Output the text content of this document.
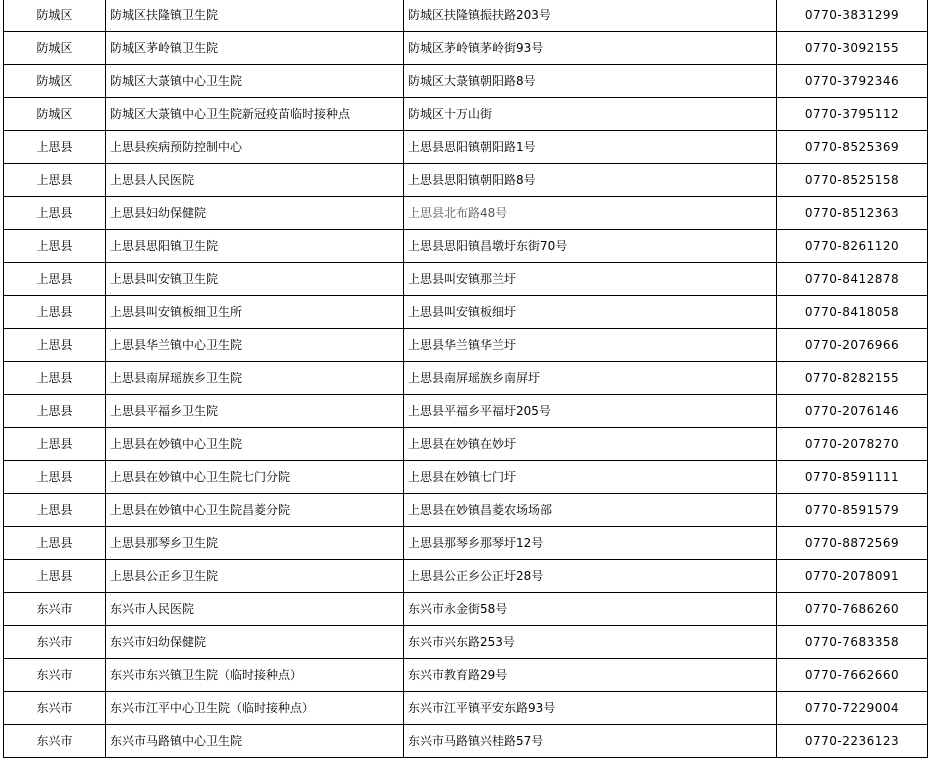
防城区	防城区扶隆镇卫生院	防城区扶隆镇振扶路203号	0770-3831299
防城区	防城区茅岭镇卫生院	防城区茅岭镇茅岭街93号	0770-3092155
防城区	防城区大菉镇中心卫生院	防城区大菉镇朝阳路8号	0770-3792346
防城区	防城区大菉镇中心卫生院新冠疫苗临时接种点	防城区十万山街	0770-3795112
上思县	上思县疾病预防控制中心	上思县思阳镇朝阳路1号	0770-8525369
上思县	上思县人民医院	上思县思阳镇朝阳路8号	0770-8525158
上思县	上思县妇幼保健院	上思县北布路48号	0770-8512363
上思县	上思县思阳镇卫生院	上思县思阳镇昌墩圩东街70号	0770-8261120
上思县	上思县叫安镇卫生院	上思县叫安镇那兰圩	0770-8412878
上思县	上思县叫安镇板细卫生所	上思县叫安镇板细圩	0770-8418058
上思县	上思县华兰镇中心卫生院	上思县华兰镇华兰圩	0770-2076966
上思县	上思县南屏瑶族乡卫生院	上思县南屏瑶族乡南屏圩	0770-8282155
上思县	上思县平福乡卫生院	上思县平福乡平福圩205号	0770-2076146
上思县	上思县在妙镇中心卫生院	上思县在妙镇在妙圩	0770-2078270
上思县	上思县在妙镇中心卫生院七门分院	上思县在妙镇七门圩	0770-8591111
上思县	上思县在妙镇中心卫生院昌菱分院	上思县在妙镇昌菱农场场部	0770-8591579
上思县	上思县那琴乡卫生院	上思县那琴乡那琴圩12号	0770-8872569
上思县	上思县公正乡卫生院	上思县公正乡公正圩28号	0770-2078091
东兴市	东兴市人民医院	东兴市永金街58号	0770-7686260
东兴市	东兴市妇幼保健院	东兴市兴东路253号	0770-7683358
东兴市	东兴市东兴镇卫生院（临时接种点）	东兴市教育路29号	0770-7662660
东兴市	东兴市江平中心卫生院（临时接种点）	东兴市江平镇平安东路93号	0770-7229004
东兴市	东兴市马路镇中心卫生院	东兴市马路镇兴桂路57号	0770-2236123
